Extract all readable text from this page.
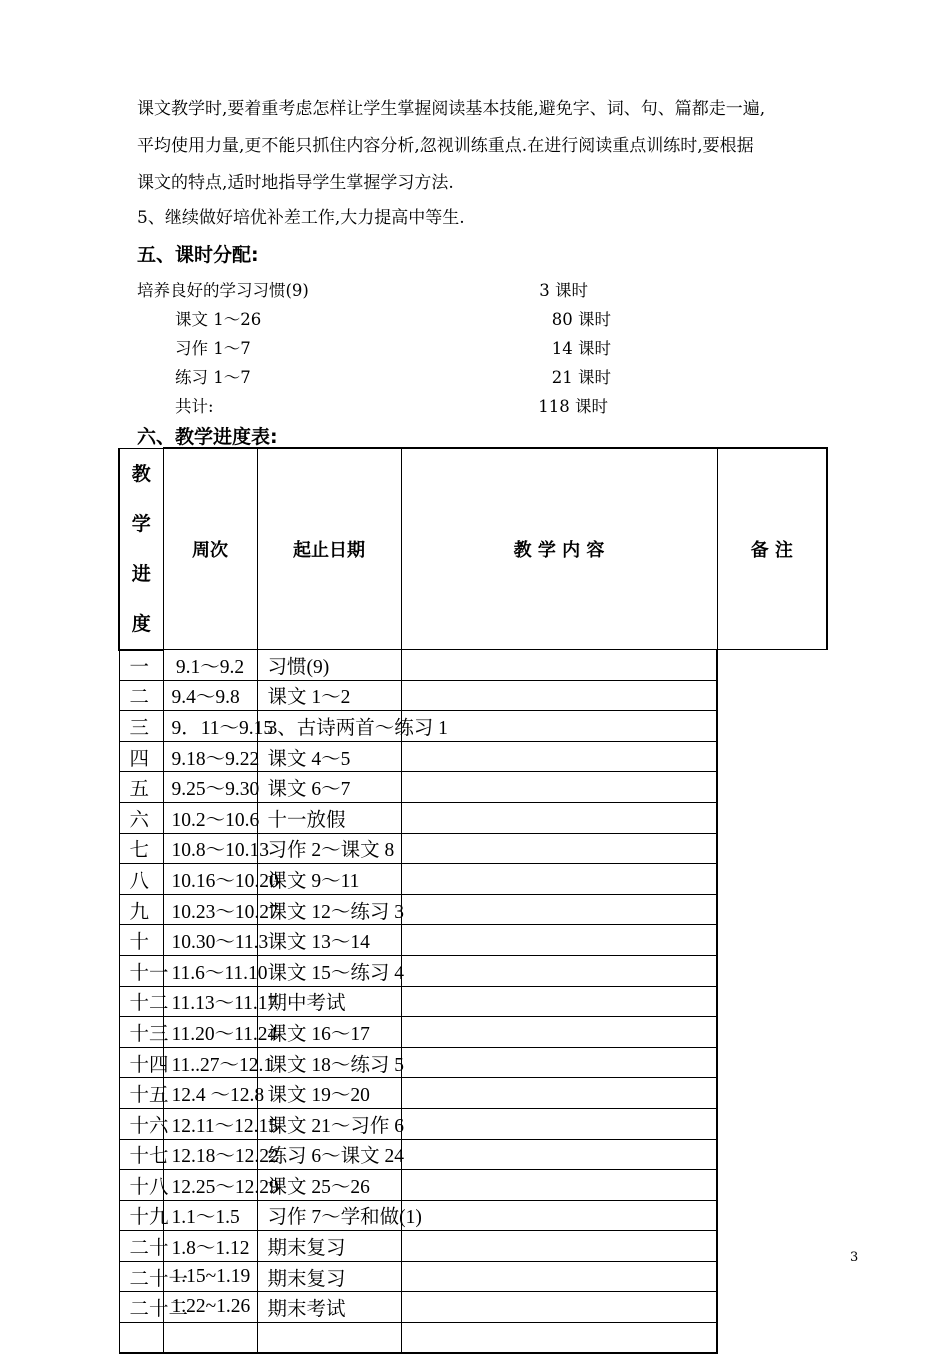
课文教学时,要着重考虑怎样让学生掌握阅读基本技能,避免字、词、句、篇都走一遍,
平均使用力量,更不能只抓住内容分析,忽视训练重点.在进行阅读重点训练时,要根据
课文的特点,适时地指导学生掌握学习方法.
5、继续做好培优补差工作,大力提高中等生.
五、课时分配:
培养良好的学习习惯(9)	3 课时
课文 1～26	80 课时
习作 1～7	14 课时
练习 1～7	21 课时
共计:	118 课时
六、教学进度表:
教学进度	周次	起止日期	教 学 内 容	备 注
一	9.1～9.2	习惯(9)		
二	9.4～9.8	课文 1～2		
三	9．11～9.15	3、古诗两首～练习 1		
四	9.18～9.22	课文 4～5		
五	9.25～9.30	课文 6～7		
六	10.2～10.6	十一放假		
七	10.8～10.13	习作 2～课文 8		
八	10.16～10.20	课文 9～11		
九	10.23～10.27	课文 12～练习 3		
十	10.30～11.3	课文 13～14		
十一	11.6～11.10	课文 15～练习 4		
十二	11.13～11.17	期中考试		
十三	11.20～11.24	课文 16～17		
十四	11..27～12.1	课文 18～练习 5		
十五	12.4 ～12.8	课文 19～20		
十六	12.11～12.15	课文 21～习作 6		
十七	12.18～12.22	练习 6～课文 24		
十八	12.25～12.29	课文 25～26		
十九	1.1～1.5	习作 7～学和做(1)		
二十	1.8～1.12	期末复习		
二十一	1.15~1.19	期末复习		
二十二	1.22~1.26	期末考试		

3
